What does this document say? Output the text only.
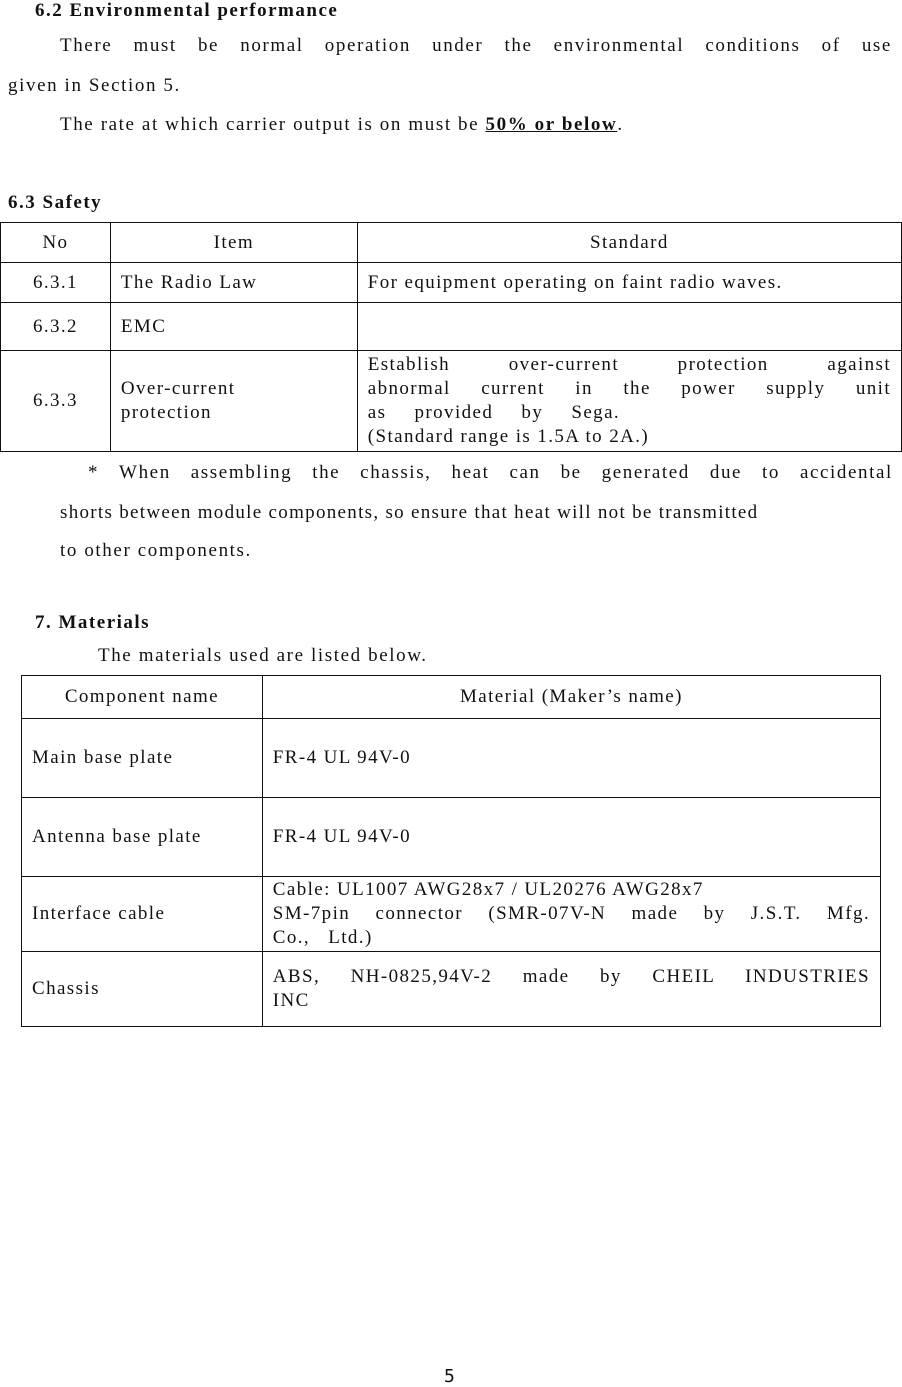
6.2 Environmental performance
There must be normal operation under the environmental conditions of use
given in Section 5.
The rate at which carrier output is on must be 50% or below.
6.3 Safety
No	Item	Standard
6.3.1	The Radio Law	For equipment operating on faint radio waves.
6.3.2	EMC	
6.3.3	Over-current protection	Establish over-current protection against abnormal current in the power supply unit as provided by Sega.
(Standard range is 1.5A to 2A.)
* When assembling the chassis, heat can be generated due to accidental
shorts between module components, so ensure that heat will not be transmitted
to other components.
7. Materials
The materials used are listed below.
Component name	Material (Maker’s name)
Main base plate	FR-4 UL 94V-0
Antenna base plate	FR-4 UL 94V-0
Interface cable	Cable: UL1007 AWG28x7 / UL20276 AWG28x7
SM-7pin connector (SMR-07V-N made by J.S.T. Mfg. Co., Ltd.)

Chassis	ABS, NH-0825,94V-2 made by CHEIL INDUSTRIES INC
5
